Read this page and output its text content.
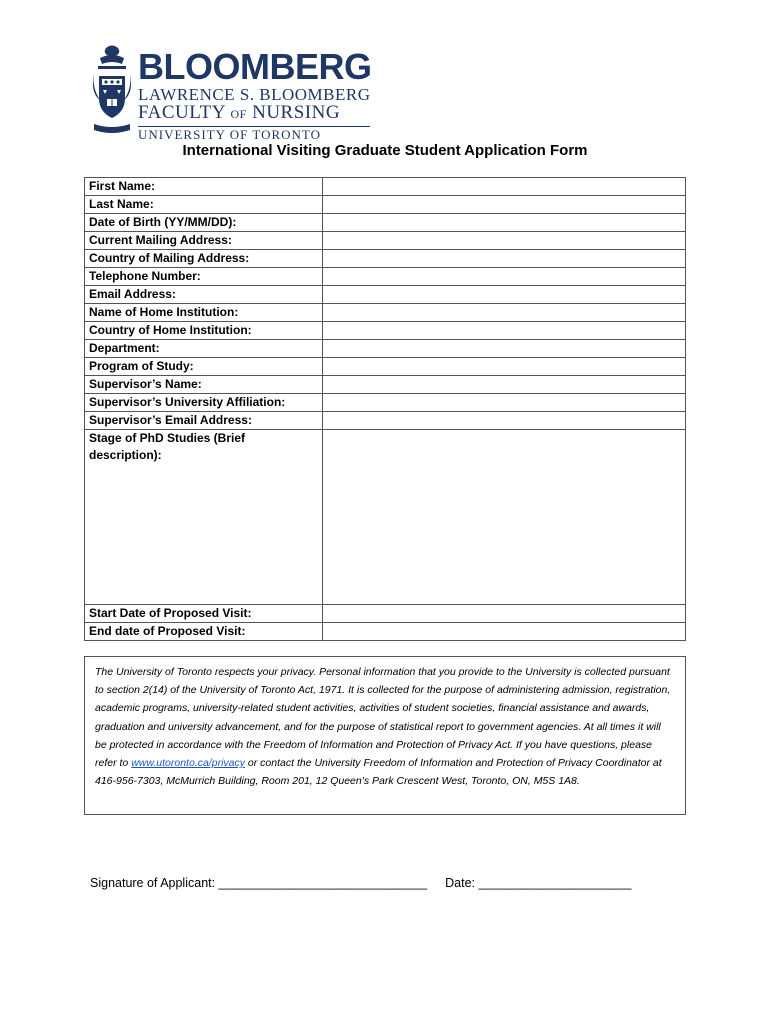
BLOOMBERG
LAWRENCE S. BLOOMBERG
FACULTY OF NURSING
UNIVERSITY OF TORONTO
International Visiting Graduate Student Application Form
First Name:	
Last Name:	
Date of Birth (YY/MM/DD):	
Current Mailing Address:	
Country of Mailing Address:	
Telephone Number:	
Email Address:	
Name of Home Institution:	
Country of Home Institution:	
Department:	
Program of Study:	
Supervisor’s Name:	
Supervisor’s University Affiliation:	
Supervisor’s Email Address:	
Stage of PhD Studies (Brief description):	
Start Date of Proposed Visit:	
End date of Proposed Visit:	
The University of Toronto respects your privacy. Personal information that you provide to the University is collected pursuant to section 2(14) of the University of Toronto Act, 1971. It is collected for the purpose of administering admission, registration, academic programs, university-related student activities, activities of student societies, financial assistance and awards, graduation and university advancement, and for the purpose of statistical report to government agencies. At all times it will be protected in accordance with the Freedom of Information and Protection of Privacy Act. If you have questions, please refer to www.utoronto.ca/privacy or contact the University Freedom of Information and Protection of Privacy Coordinator at 416-956-7303, McMurrich Building, Room 201, 12 Queen’s Park Crescent West, Toronto, ON, M5S 1A8.
Signature of Applicant: ______________________________ Date: ______________________
